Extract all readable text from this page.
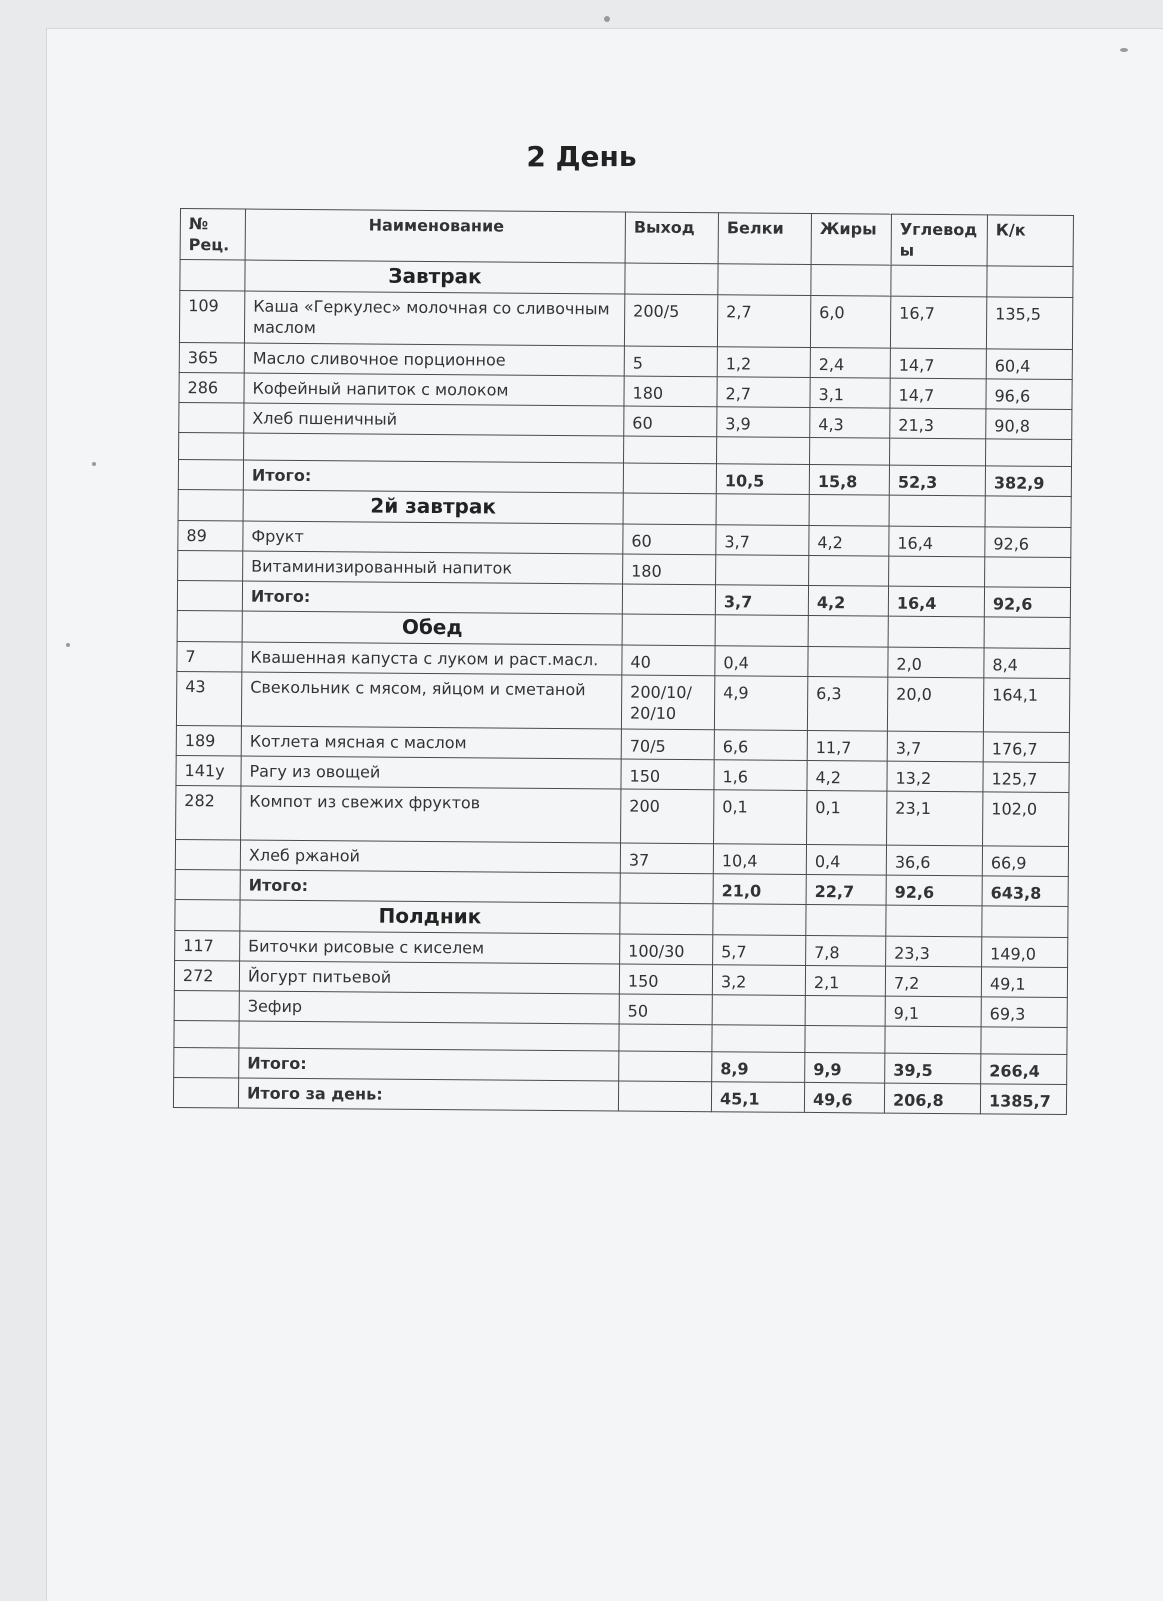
2 День
№ Рец.	Наименование	Выход	Белки	Жиры	Углевод ы	К/к
	Завтрак					
109	Каша «Геркулес» молочная со сливочным маслом	200/5	2,7	6,0	16,7	135,5
365	Масло сливочное порционное	5	1,2	2,4	14,7	60,4
286	Кофейный напиток с молоком	180	2,7	3,1	14,7	96,6
	Хлеб пшеничный	60	3,9	4,3	21,3	90,8

	Итого:		10,5	15,8	52,3	382,9
	2й завтрак					
89	Фрукт	60	3,7	4,2	16,4	92,6
	Витаминизированный напиток	180				
	Итого:		3,7	4,2	16,4	92,6
	Обед					
7	Квашенная капуста с луком и раст.масл.	40	0,4		2,0	8,4
43	Свекольник с мясом, яйцом и сметаной	200/10/ 20/10	4,9	6,3	20,0	164,1
189	Котлета мясная с маслом	70/5	6,6	11,7	3,7	176,7
141у	Рагу из овощей	150	1,6	4,2	13,2	125,7
282	Компот из свежих фруктов	200	0,1	0,1	23,1	102,0
	Хлеб ржаной	37	10,4	0,4	36,6	66,9
	Итого:		21,0	22,7	92,6	643,8
	Полдник					
117	Биточки рисовые с киселем	100/30	5,7	7,8	23,3	149,0
272	Йогурт питьевой	150	3,2	2,1	7,2	49,1
	Зефир	50			9,1	69,3

	Итого:		8,9	9,9	39,5	266,4
	Итого за день:		45,1	49,6	206,8	1385,7
